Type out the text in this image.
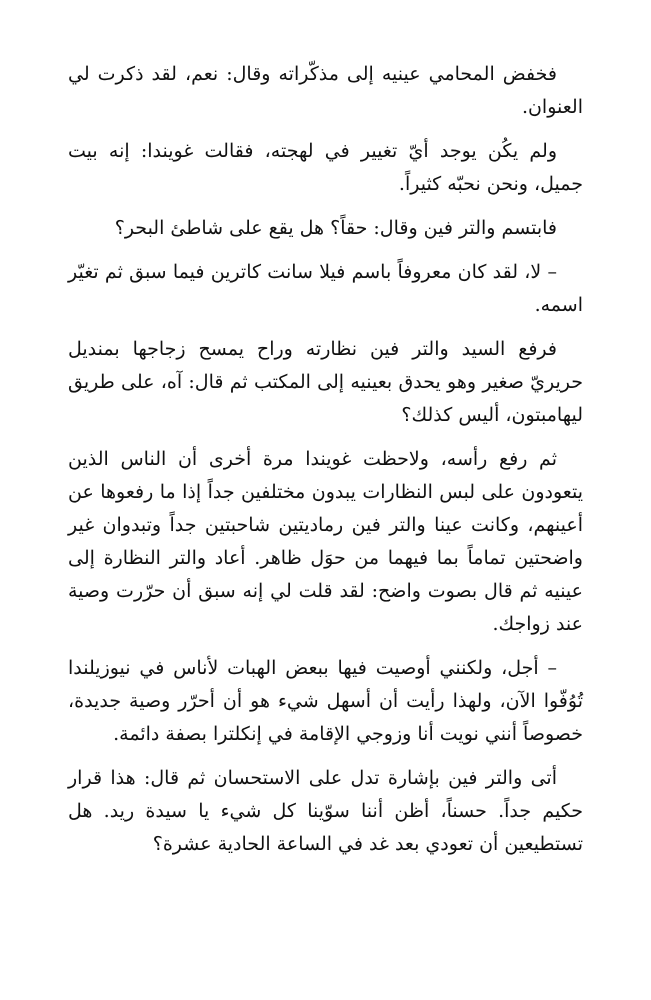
فخفض المحامي عينيه إلى مذكّراته وقال: نعم، لقد ذكرت لي العنوان.

ولم يكُن يوجد أيّ تغيير في لهجته، فقالت غويندا: إنه بيت جميل، ونحن نحبّه كثيراً.

فابتسم والتر فين وقال: حقاً؟ هل يقع على شاطئ البحر؟

– لا، لقد كان معروفاً باسم فيلا سانت كاترين فيما سبق ثم تغيّر اسمه.

فرفع السيد والتر فين نظارته وراح يمسح زجاجها بمنديل حريريّ صغير وهو يحدق بعينيه إلى المكتب ثم قال: آه، على طريق ليهامبتون، أليس كذلك؟

ثم رفع رأسه، ولاحظت غويندا مرة أخرى أن الناس الذين يتعودون على لبس النظارات يبدون مختلفين جداً إذا ما رفعوها عن أعينهم، وكانت عينا والتر فين رماديتين شاحبتين جداً وتبدوان غير واضحتين تماماً بما فيهما من حوَل ظاهر. أعاد والتر النظارة إلى عينيه ثم قال بصوت واضح: لقد قلت لي إنه سبق أن حرّرت وصية عند زواجك.

– أجل، ولكنني أوصيت فيها ببعض الهبات لأناس في نيوزيلندا تُوُفّوا الآن، ولهذا رأيت أن أسهل شيء هو أن أحرّر وصية جديدة، خصوصاً أنني نويت أنا وزوجي الإقامة في إنكلترا بصفة دائمة.

أتى والتر فين بإشارة تدل على الاستحسان ثم قال: هذا قرار حكيم جداً. حسناً، أظن أننا سوّينا كل شيء يا سيدة ريد. هل تستطيعين أن تعودي بعد غد في الساعة الحادية عشرة؟
